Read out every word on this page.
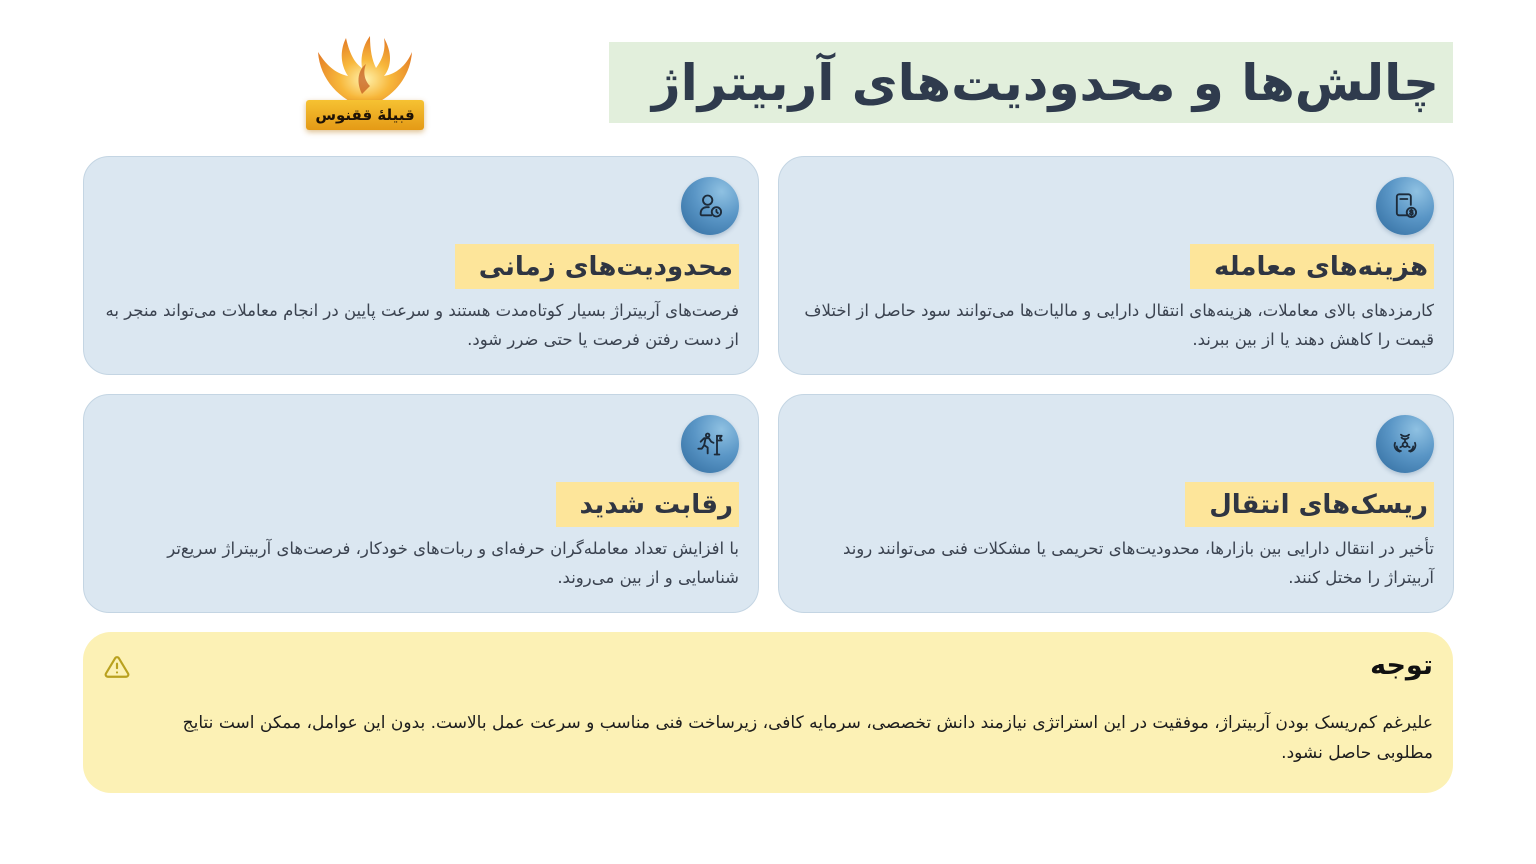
چالش‌ها و محدودیت‌های آربیتراژ
قبیلهٔ ققنوس
هزینه‌های معامله

کارمزدهای بالای معاملات، هزینه‌های انتقال دارایی و مالیات‌ها می‌توانند سود حاصل از اختلاف قیمت را کاهش دهند یا از بین ببرند.

محدودیت‌های زمانی

فرصت‌های آربیتراژ بسیار کوتاه‌مدت هستند و سرعت پایین در انجام معاملات می‌تواند منجر به از دست رفتن فرصت یا حتی ضرر شود.

ریسک‌های انتقال

تأخیر در انتقال دارایی بین بازارها، محدودیت‌های تحریمی یا مشکلات فنی می‌توانند روند آربیتراژ را مختل کنند.

رقابت شدید

با افزایش تعداد معامله‌گران حرفه‌ای و ربات‌های خودکار، فرصت‌های آربیتراژ سریع‌تر شناسایی و از بین می‌روند.

توجه

علیرغم کم‌ریسک بودن آربیتراژ، موفقیت در این استراتژی نیازمند دانش تخصصی، سرمایه کافی، زیرساخت فنی مناسب و سرعت عمل بالاست. بدون این عوامل، ممکن است نتایج مطلوبی حاصل نشود.
